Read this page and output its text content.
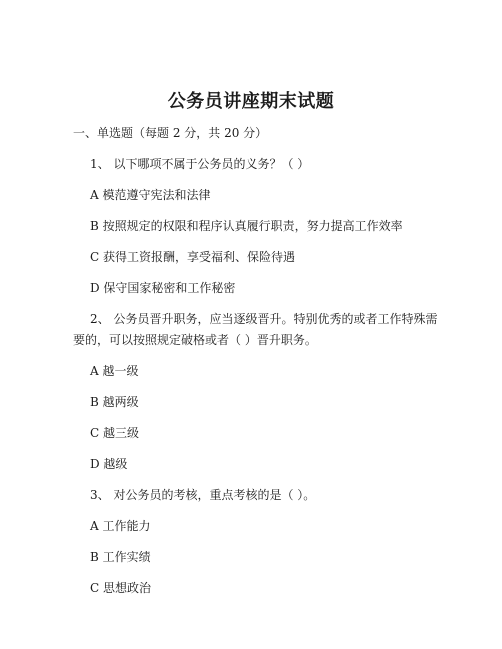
公务员讲座期末试题
一、单选题（每题 2 分，共 20 分）
1、 以下哪项不属于公务员的义务？（ ）
A 模范遵守宪法和法律
B 按照规定的权限和程序认真履行职责，努力提高工作效率
C 获得工资报酬，享受福利、保险待遇
D 保守国家秘密和工作秘密
2、 公务员晋升职务，应当逐级晋升。特别优秀的或者工作特殊需
要的，可以按照规定破格或者（ ）晋升职务。
A 越一级
B 越两级
C 越三级
D 越级
3、 对公务员的考核，重点考核的是（ ）。
A 工作能力
B 工作实绩
C 思想政治
